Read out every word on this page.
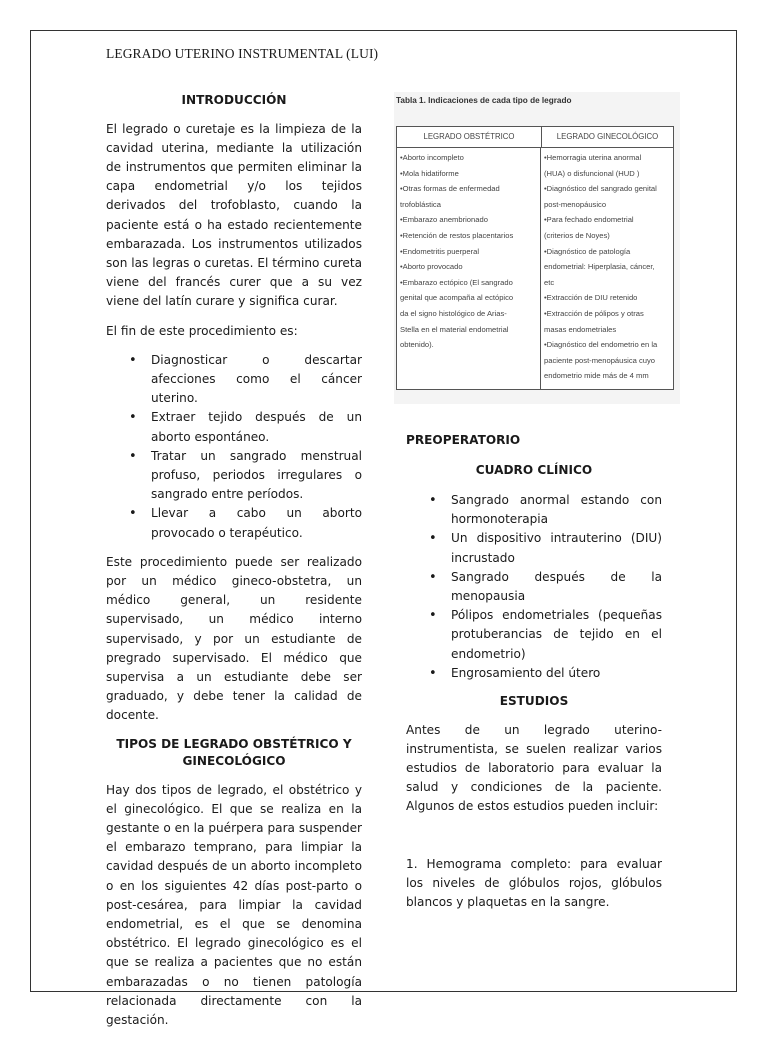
LEGRADO UTERINO INSTRUMENTAL (LUI)
INTRODUCCIÓN

El legrado o curetaje es la limpieza de la cavidad uterina, mediante la utilización de instrumentos que permiten eliminar la capa endometrial y/o los tejidos derivados del trofoblasto, cuando la paciente está o ha estado recientemente embarazada. Los instrumentos utilizados son las legras o curetas. El término cureta viene del francés curer que a su vez viene del latín curare y significa curar.

El fin de este procedimiento es:

• Diagnosticar o descartar afecciones como el cáncer uterino.
• Extraer tejido después de un aborto espontáneo.
• Tratar un sangrado menstrual profuso, periodos irregulares o sangrado entre períodos.
• Llevar a cabo un aborto provocado o terapéutico.

Este procedimiento puede ser realizado por un médico gineco-obstetra, un médico general, un residente supervisado, un médico interno supervisado, y por un estudiante de pregrado supervisado. El médico que supervisa a un estudiante debe ser graduado, y debe tener la calidad de docente.

TIPOS DE LEGRADO OBSTÉTRICO Y GINECOLÓGICO

Hay dos tipos de legrado, el obstétrico y el ginecológico. El que se realiza en la gestante o en la puérpera para suspender el embarazo temprano, para limpiar la cavidad después de un aborto incompleto o en los siguientes 42 días post-parto o post-cesárea, para limpiar la cavidad endometrial, es el que se denomina obstétrico. El legrado ginecológico es el que se realiza a pacientes que no están embarazadas o no tienen patología relacionada directamente con la gestación.

Tabla 1. Indicaciones de cada tipo de legrado
LEGRADO OBSTÉTRICO	LEGRADO GINECOLÓGICO
•Aborto incompleto
•Mola hidatiforme
•Otras formas de enfermedad
trofoblástica
•Embarazo anembrionado
•Retención de restos placentarios
•Endometritis puerperal
•Aborto provocado
•Embarazo ectópico (El sangrado
genital que acompaña al ectópico
da el signo histológico de Arias-
Stella en el material endometrial
obtenido).
•Hemorragia uterina anormal
(HUA) o disfuncional (HUD )
•Diagnóstico del sangrado genital
post-menopáusico
•Para fechado endometrial
(criterios de Noyes)
•Diagnóstico de patología
endometrial: Hiperplasia, cáncer,
etc
•Extracción de DIU retenido
•Extracción de pólipos y otras
masas endometriales
•Diagnóstico del endometrio en la
paciente post-menopáusica cuyo
endometrio mide más de 4 mm
PREOPERATORIO
CUADRO CLÍNICO
• Sangrado anormal estando con hormonoterapia
• Un dispositivo intrauterino (DIU) incrustado
• Sangrado después de la menopausia
• Pólipos endometriales (pequeñas protuberancias de tejido en el endometrio)
• Engrosamiento del útero
ESTUDIOS

Antes de un legrado uterino-instrumentista, se suelen realizar varios estudios de laboratorio para evaluar la salud y condiciones de la paciente. Algunos de estos estudios pueden incluir:

1. Hemograma completo: para evaluar los niveles de glóbulos rojos, glóbulos blancos y plaquetas en la sangre.
